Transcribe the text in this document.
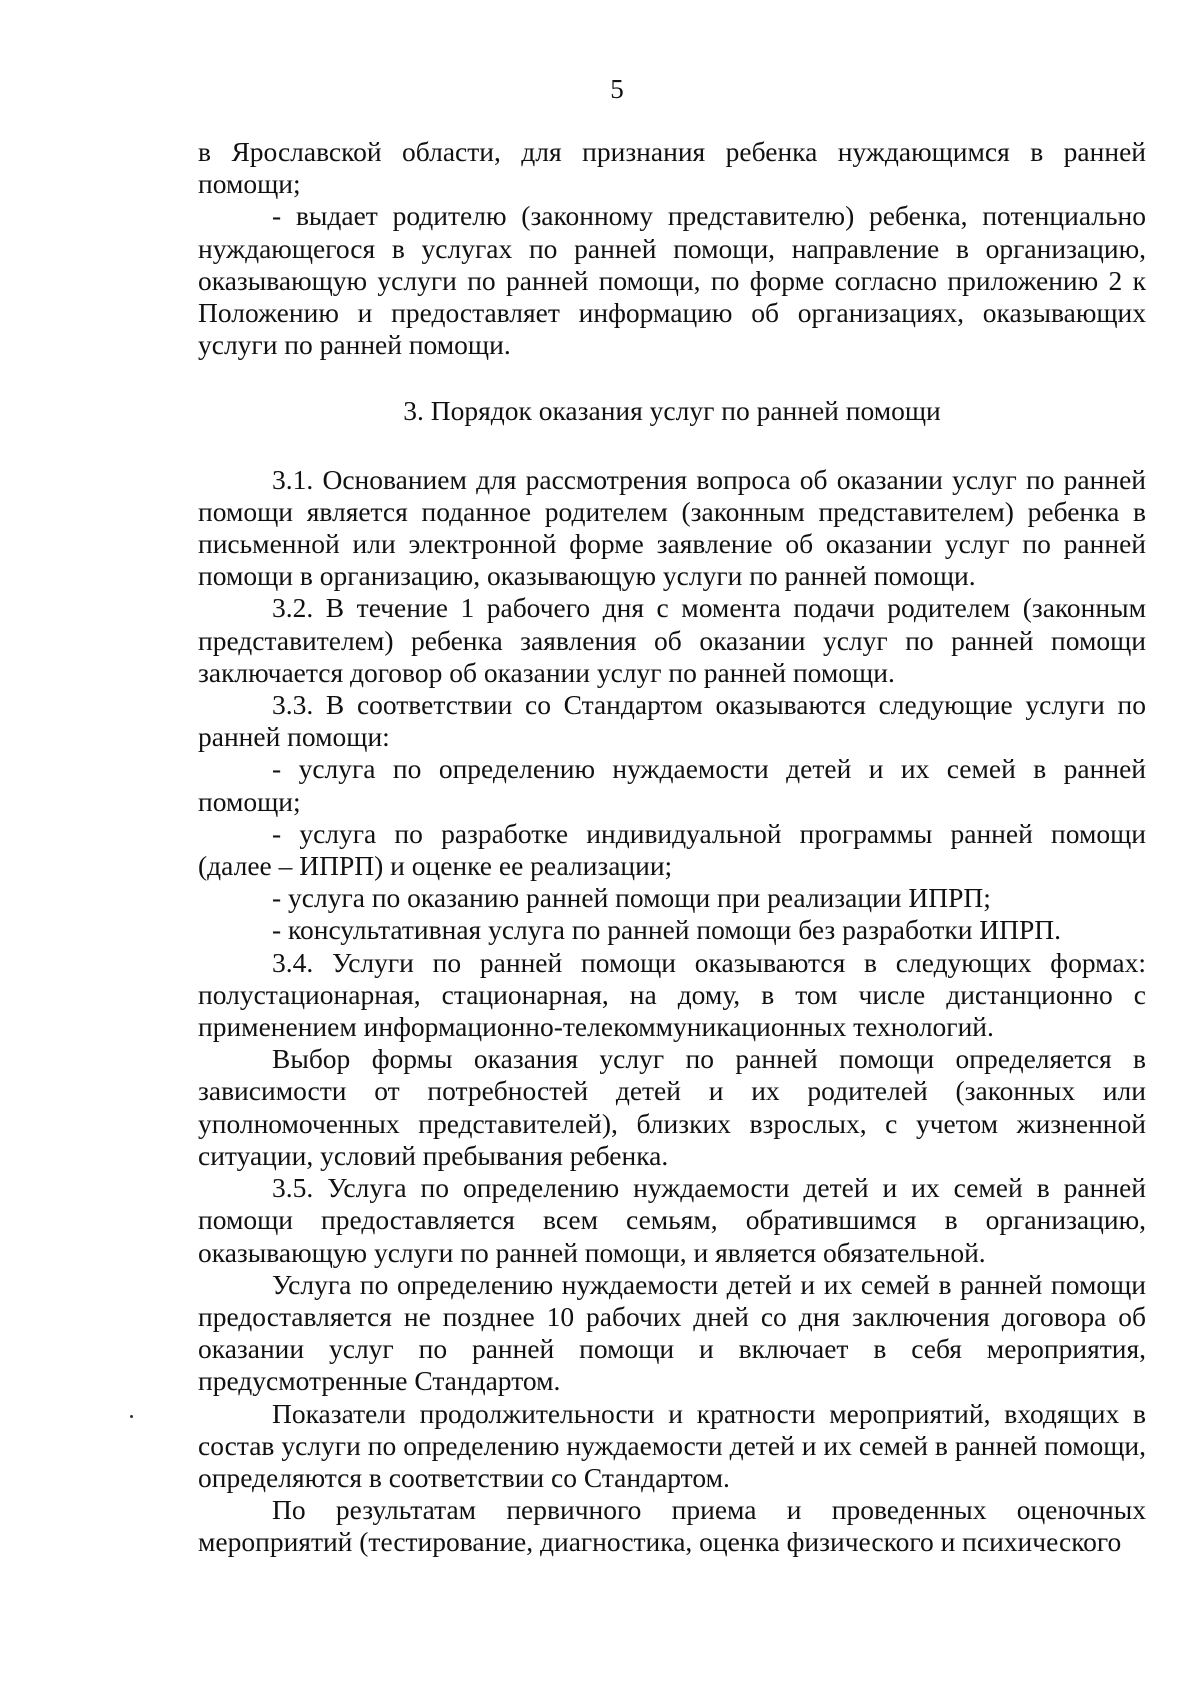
5

в Ярославской области, для признания ребенка нуждающимся в ранней помощи;

- выдает родителю (законному представителю) ребенка, потенциально нуждающегося в услугах по ранней помощи, направление в организацию, оказывающую услуги по ранней помощи, по форме согласно приложению 2 к Положению и предоставляет информацию об организациях, оказывающих услуги по ранней помощи.

3. Порядок оказания услуг по ранней помощи

3.1. Основанием для рассмотрения вопроса об оказании услуг по ранней помощи является поданное родителем (законным представителем) ребенка в письменной или электронной форме заявление об оказании услуг по ранней помощи в организацию, оказывающую услуги по ранней помощи.

3.2. В течение 1 рабочего дня с момента подачи родителем (законным представителем) ребенка заявления об оказании услуг по ранней помощи заключается договор об оказании услуг по ранней помощи.

3.3. В соответствии со Стандартом оказываются следующие услуги по ранней помощи:

- услуга по определению нуждаемости детей и их семей в ранней помощи;

- услуга по разработке индивидуальной программы ранней помощи (далее – ИПРП) и оценке ее реализации;

- услуга по оказанию ранней помощи при реализации ИПРП;

- консультативная услуга по ранней помощи без разработки ИПРП.

3.4. Услуги по ранней помощи оказываются в следующих формах: полустационарная, стационарная, на дому, в том числе дистанционно с применением информационно-телекоммуникационных технологий.

Выбор формы оказания услуг по ранней помощи определяется в зависимости от потребностей детей и их родителей (законных или уполномоченных представителей), близких взрослых, с учетом жизненной ситуации, условий пребывания ребенка.

3.5. Услуга по определению нуждаемости детей и их семей в ранней помощи предоставляется всем семьям, обратившимся в организацию, оказывающую услуги по ранней помощи, и является обязательной.

Услуга по определению нуждаемости детей и их семей в ранней помощи предоставляется не позднее 10 рабочих дней со дня заключения договора об оказании услуг по ранней помощи и включает в себя мероприятия, предусмотренные Стандартом.

Показатели продолжительности и кратности мероприятий, входящих в состав услуги по определению нуждаемости детей и их семей в ранней помощи, определяются в соответствии со Стандартом.

По результатам первичного приема и проведенных оценочных мероприятий (тестирование, диагностика, оценка физического и психического
